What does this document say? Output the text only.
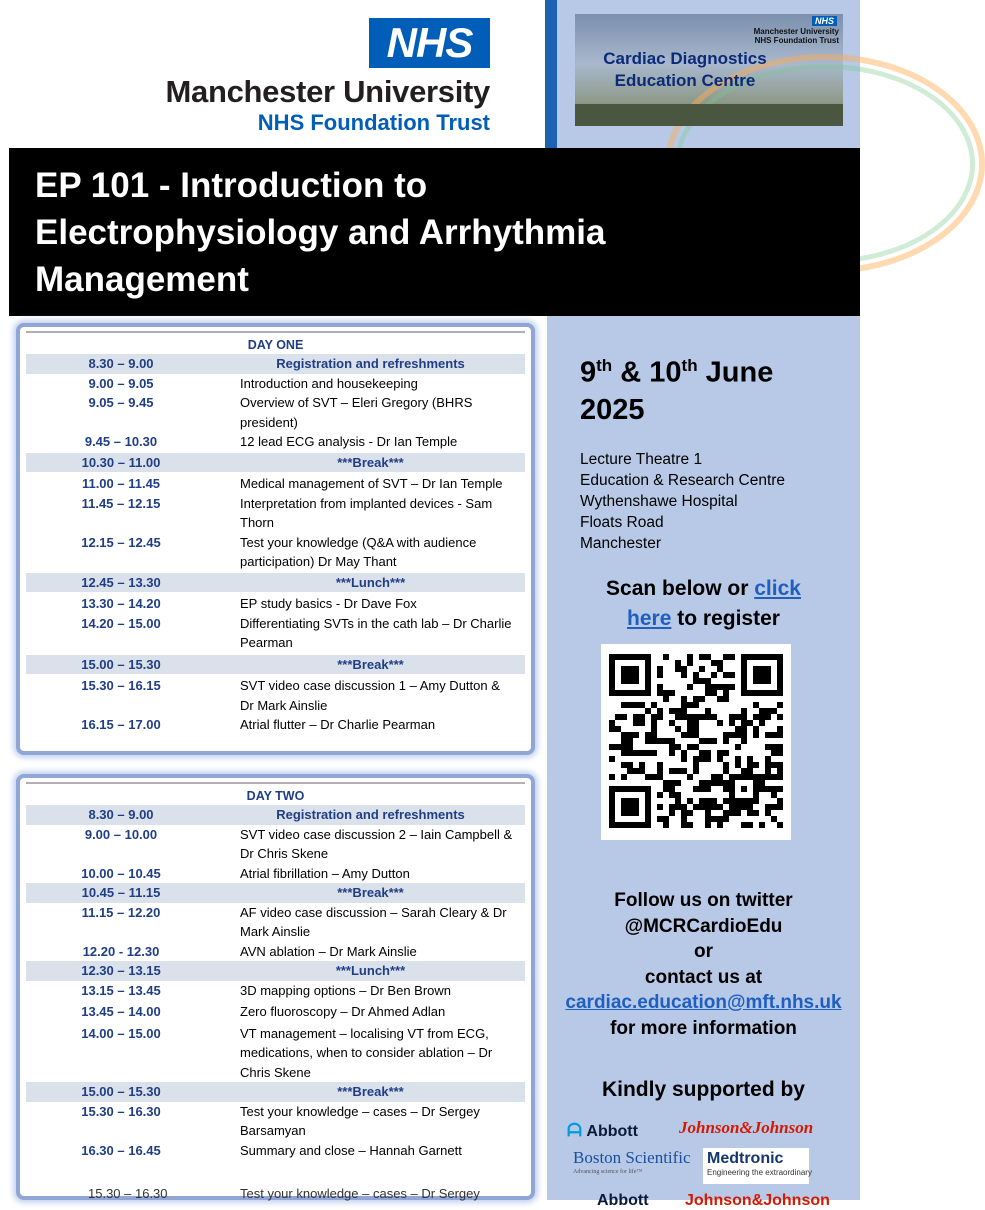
NHS
Manchester University
NHS Foundation Trust
NHS
Manchester University
NHS Foundation Trust
Cardiac Diagnostics
Education Centre
EP 101 - Introduction to
Electrophysiology and Arrhythmia
Management
9th & 10th June
2025
Lecture Theatre 1
Education & Research Centre
Wythenshawe Hospital
Floats Road
Manchester
Scan below or click
here to register
Follow us on twitter
@MCRCardioEdu
or
contact us at
cardiac.education@mft.nhs.uk
for more information
Kindly supported by
ᗩ Abbott Johnson&Johnson
Boston Scientific
Advancing science for life™
Medtronic
Engineering the extraordinary
Abbott Johnson&Johnson
DAY ONE
8.30 – 9.00	Registration and refreshments
9.00 – 9.05	Introduction and housekeeping
9.05 – 9.45	Overview of SVT – Eleri Gregory (BHRS president)
9.45 – 10.30	12 lead ECG analysis - Dr Ian Temple
10.30 – 11.00	***Break***
11.00 – 11.45	Medical management of SVT – Dr Ian Temple
11.45 – 12.15	Interpretation from implanted devices - Sam Thorn
12.15 – 12.45	Test your knowledge (Q&A with audience participation) Dr May Thant
12.45 – 13.30	***Lunch***
13.30 – 14.20	EP study basics - Dr Dave Fox
14.20 – 15.00	Differentiating SVTs in the cath lab – Dr Charlie Pearman
15.00 – 15.30	***Break***
15.30 – 16.15	SVT video case discussion 1 – Amy Dutton & Dr Mark Ainslie
16.15 – 17.00	Atrial flutter – Dr Charlie Pearman
DAY TWO
8.30 – 9.00	Registration and refreshments
9.00 – 10.00	SVT video case discussion 2 – Iain Campbell & Dr Chris Skene
10.00 – 10.45	Atrial fibrillation – Amy Dutton
10.45 – 11.15	***Break***
11.15 – 12.20	AF video case discussion – Sarah Cleary & Dr Mark Ainslie
12.20 - 12.30	AVN ablation – Dr Mark Ainslie
12.30 – 13.15	***Lunch***
13.15 – 13.45	3D mapping options – Dr Ben Brown
13.45 – 14.00	Zero fluoroscopy – Dr Ahmed Adlan
14.00 – 15.00	VT management – localising VT from ECG, medications, when to consider ablation – Dr Chris Skene
15.00 – 15.30	***Break***
15.30 – 16.30	Test your knowledge – cases – Dr Sergey Barsamyan
16.30 – 16.45	Summary and close – Hannah Garnett
15.30 – 16.30	Test your knowledge – cases – Dr Sergey
